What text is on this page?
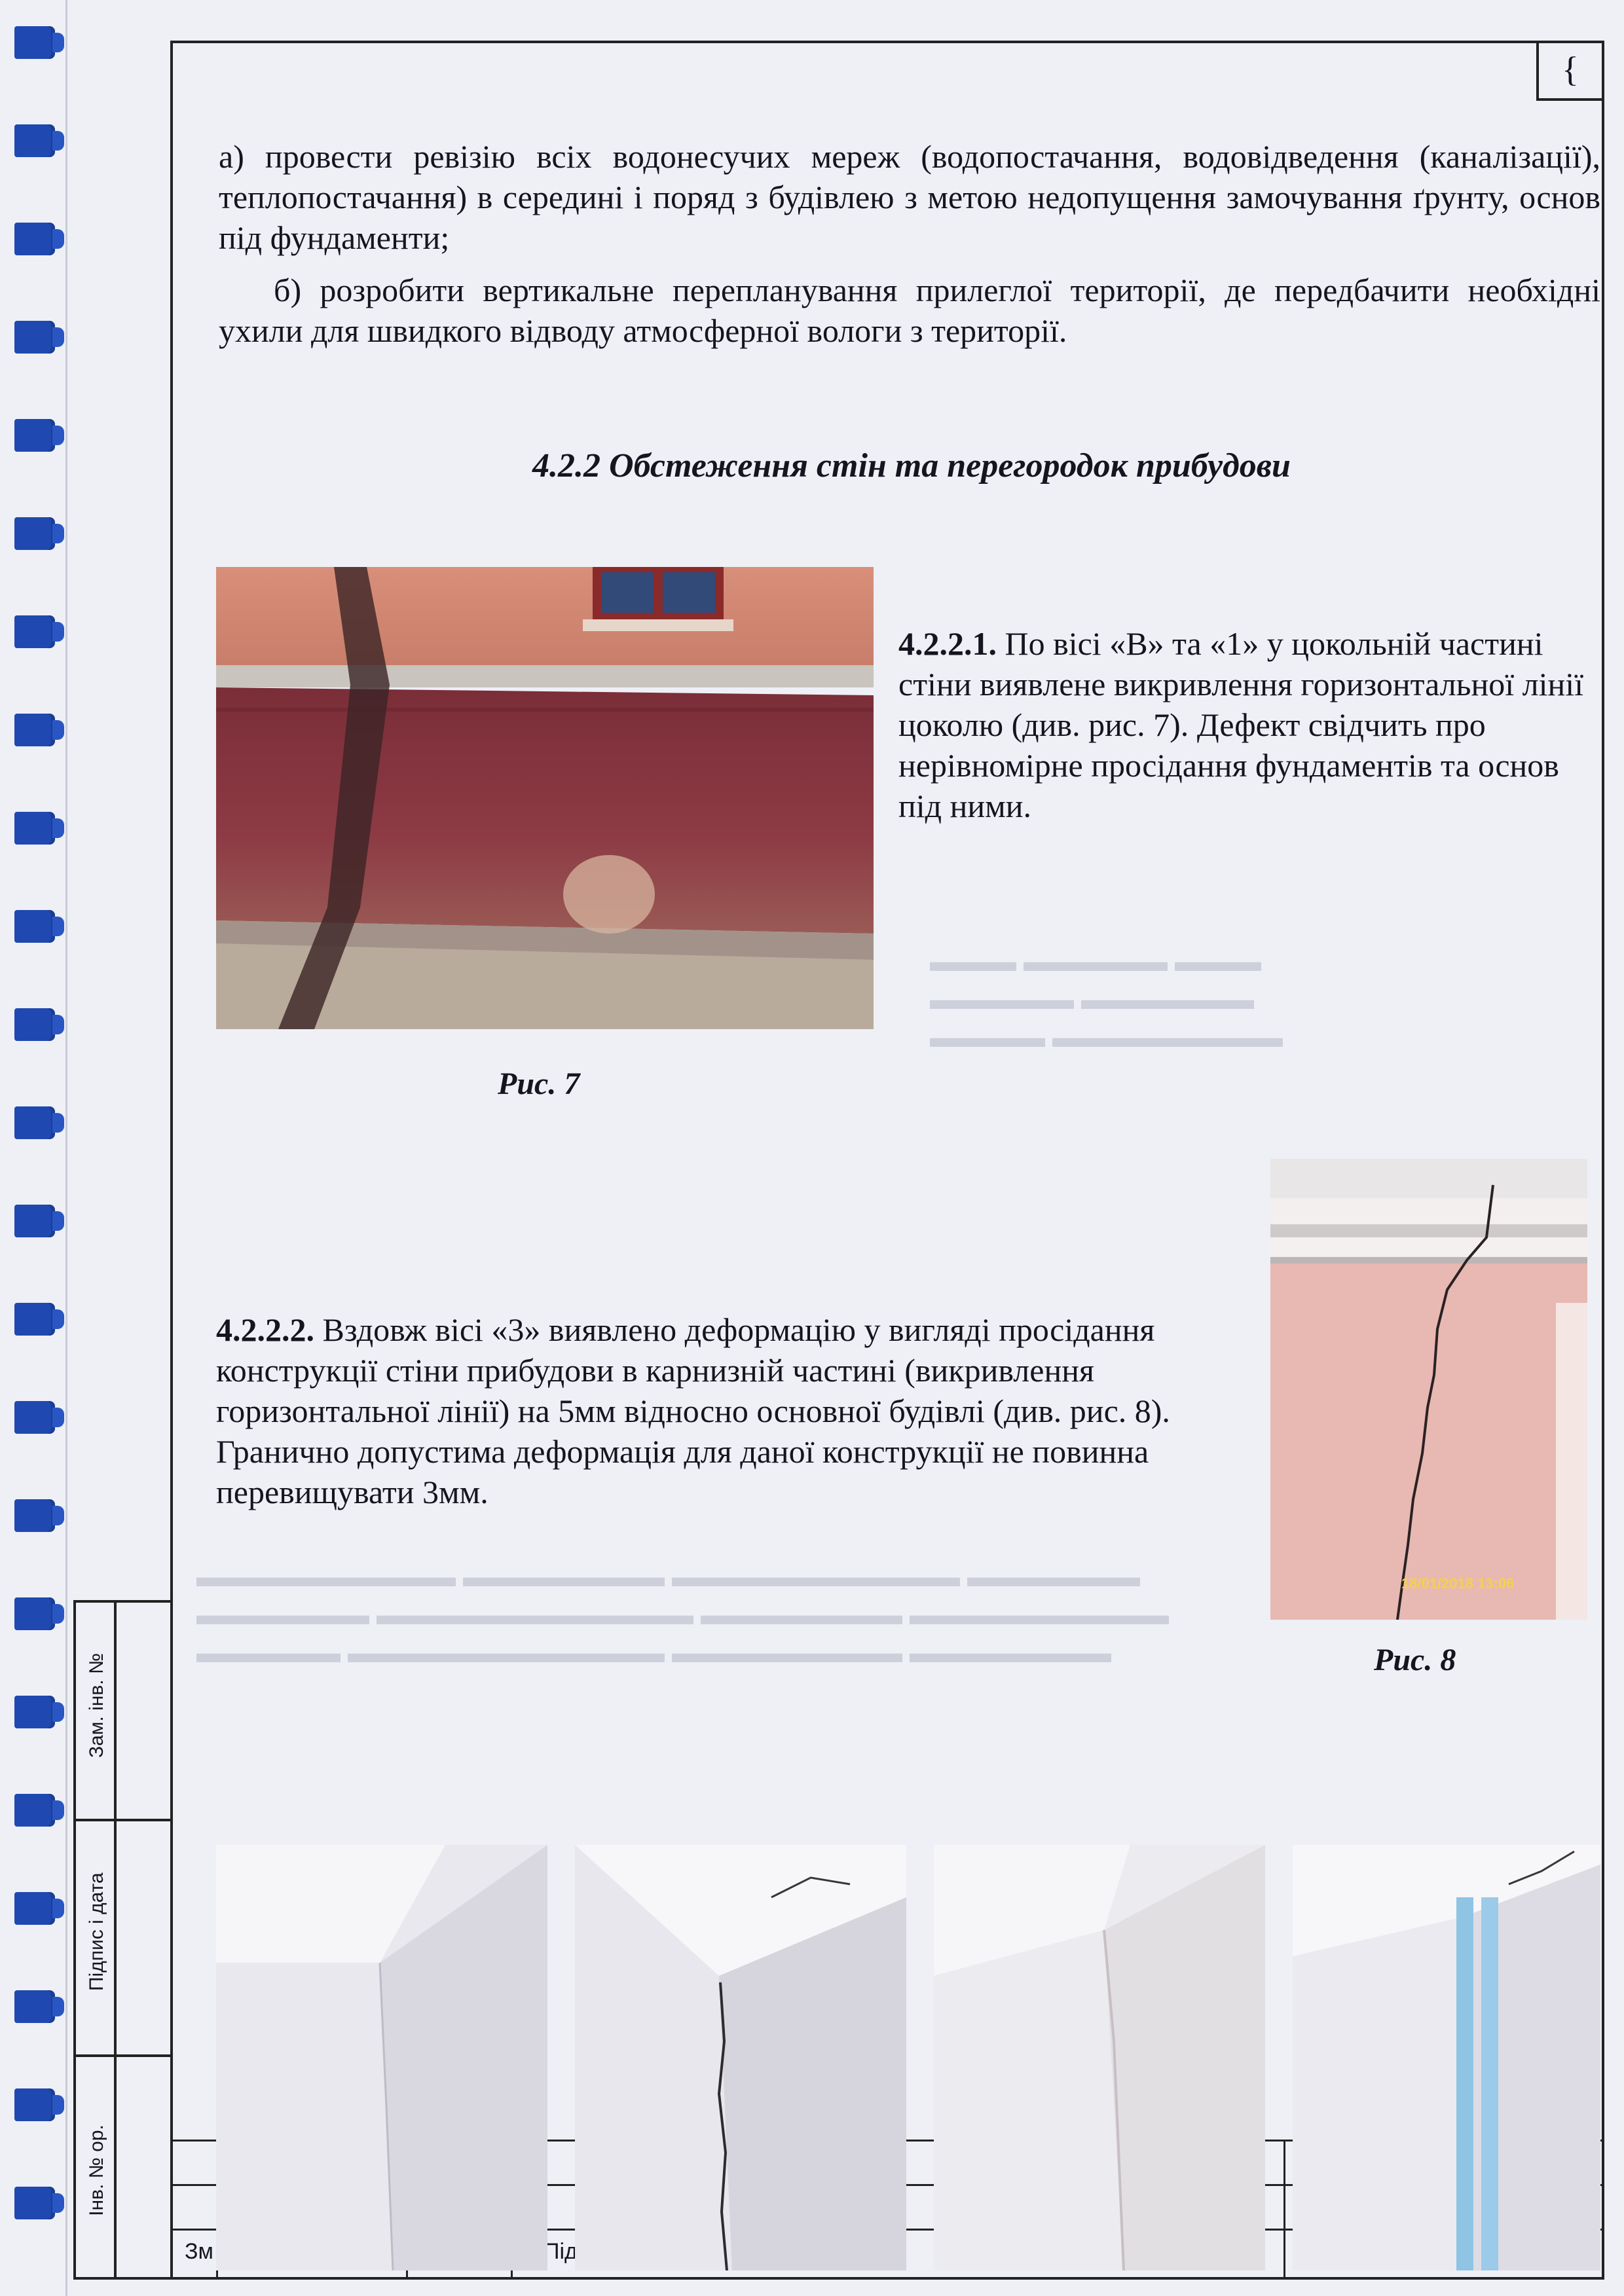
▬▬▬ ▬▬▬▬▬ ▬▬▬
▬▬▬▬▬ ▬▬▬▬▬▬
▬▬▬▬ ▬▬▬▬▬▬▬▬
▬▬▬▬▬▬▬▬▬ ▬▬▬▬▬▬▬ ▬▬▬▬▬▬▬▬▬▬ ▬▬▬▬▬▬
▬▬▬▬▬▬ ▬▬▬▬▬▬▬▬▬▬▬ ▬▬▬▬▬▬▬ ▬▬▬▬▬▬▬▬▬
▬▬▬▬▬ ▬▬▬▬▬▬▬▬▬▬▬ ▬▬▬▬▬▬▬▬ ▬▬▬▬▬▬▬
{
Зам. інв. №
Підпис і дата
Інв. № ор.
Зм
а) провести ревізію всіх водонесучих мереж (водопостачання, водовідведення (каналізації), теплопостачання) в середині і поряд з будівлею з метою недопущення замочування ґрунту, основ під фундаменти;
б) розробити вертикальне перепланування прилеглої території, де передбачити необхідні ухили для швидкого відводу атмосферної вологи з території.
4.2.2 Обстеження стін та перегородок прибудови
Рис. 7
4.2.2.1. По вісі «В» та «1» у цокольній частині стіни виявлене викривлення горизонтальної лінії цоколю (див. рис. 7). Дефект свідчить про нерівномірне просідання фундаментів та основ під ними.
18/01/2018 13:06
Рис. 8
4.2.2.2. Вздовж вісі «3» виявлено деформацію у вигляді просідання конструкції стіни прибудови в карнизній частині (викривлення горизонтальної лінії) на 5мм відносно основної будівлі (див. рис. 8). Гранично допустима деформація для даної конструкції не повинна перевищувати 3мм.
